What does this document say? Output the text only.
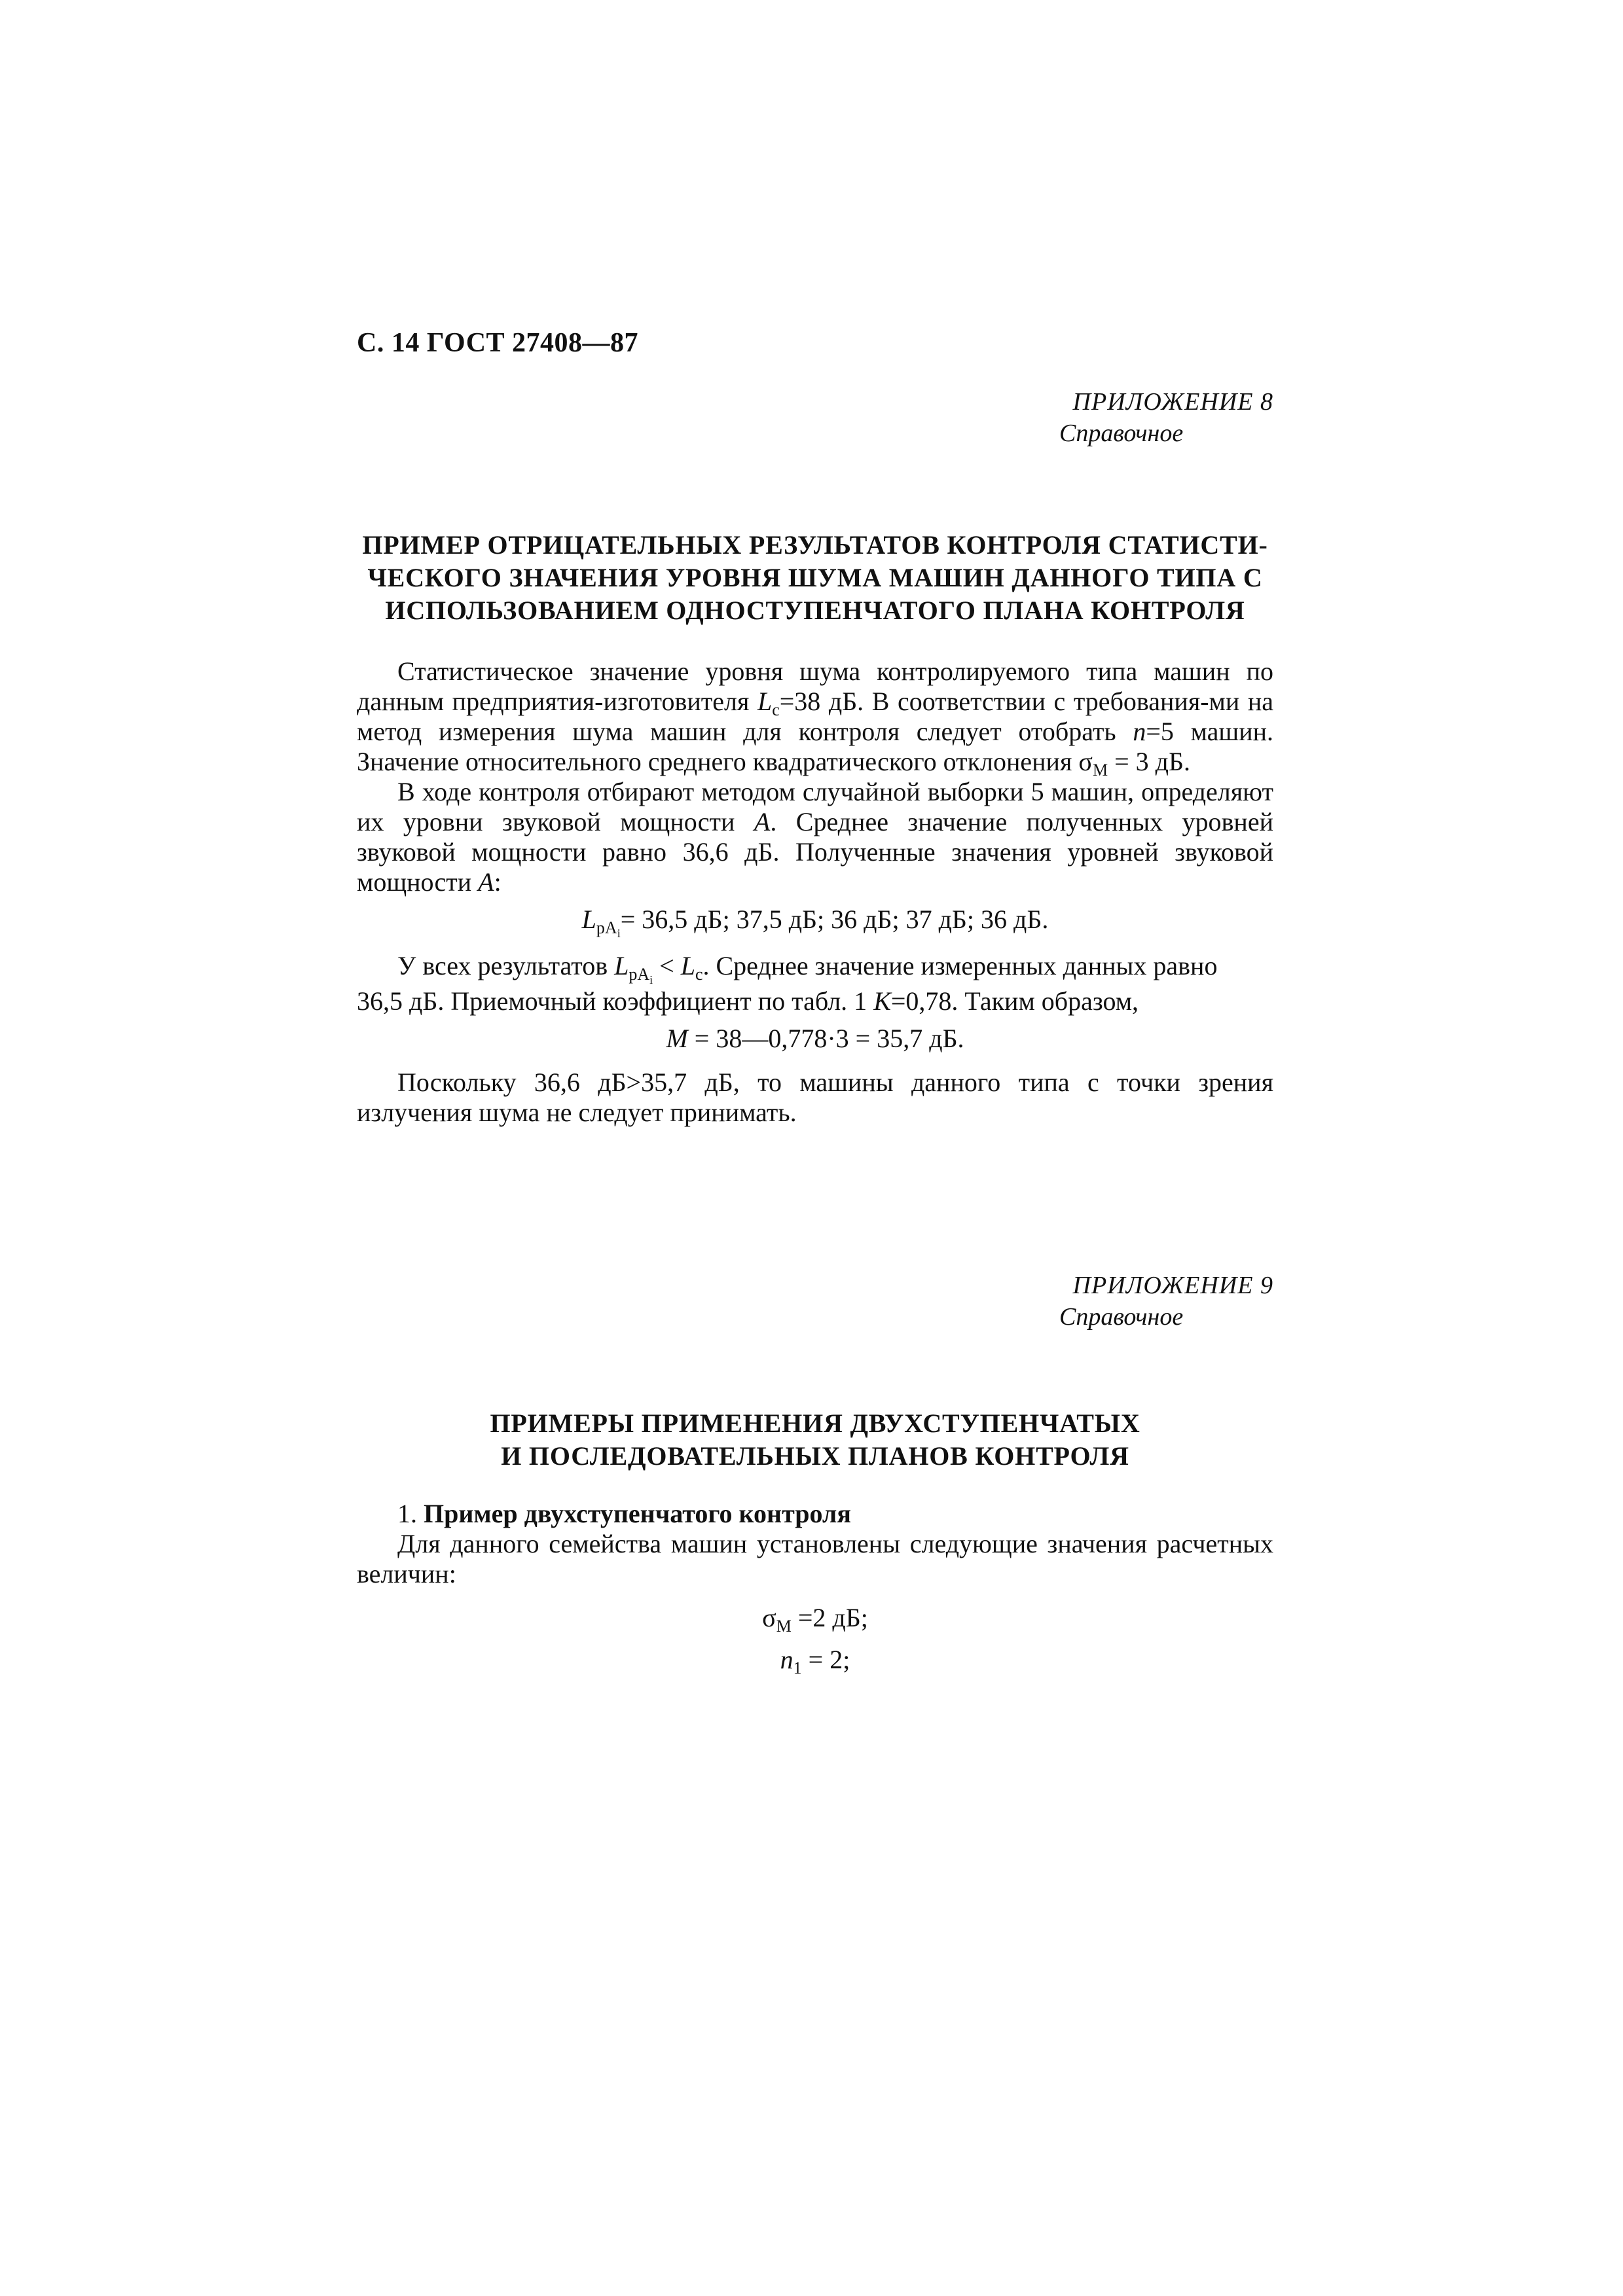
С. 14 ГОСТ 27408—87
ПРИЛОЖЕНИЕ 8
Справочное
ПРИМЕР ОТРИЦАТЕЛЬНЫХ РЕЗУЛЬТАТОВ КОНТРОЛЯ СТАТИСТИ-
ЧЕСКОГО ЗНАЧЕНИЯ УРОВНЯ ШУМА МАШИН ДАННОГО ТИПА С
ИСПОЛЬЗОВАНИЕМ ОДНОСТУПЕНЧАТОГО ПЛАНА КОНТРОЛЯ

Статистическое значение уровня шума контролируемого типа машин по данным предприятия-изготовителя $L_c=38$ дБ. В соответствии с требования-ми на метод измерения шума машин для контроля следует отобрать n=5 машин. Значение относительного среднего квадратического отклонения $\sigma_М = 3$ дБ.

В ходе контроля отбирают методом случайной выборки 5 машин, определяют их уровни звуковой мощности A. Среднее значение полученных уровней звуковой мощности равно 36,6 дБ. Полученные значения уровней звуковой мощности A:

$L_{pA_i}= 36,5$ дБ; 37,5 дБ; 36 дБ; 37 дБ; 36 дБ.
У всех результатов $L_{pA_i} < L_c$. Среднее значение измеренных данных равно
36,5 дБ. Приемочный коэффициент по табл. 1 K=0,78. Таким образом,
M = 38—0,778·3 = 35,7 дБ.

Поскольку 36,6 дБ>35,7 дБ, то машины данного типа с точки зрения излучения шума не следует принимать.

ПРИЛОЖЕНИЕ 9
Справочное
ПРИМЕРЫ ПРИМЕНЕНИЯ ДВУХСТУПЕНЧАТЫХ
И ПОСЛЕДОВАТЕЛЬНЫХ ПЛАНОВ КОНТРОЛЯ
1. Пример двухступенчатого контроля

Для данного семейства машин установлены следующие значения расчетных величин:

$\sigma_М =2$ дБ;
$n_1 = 2$;
